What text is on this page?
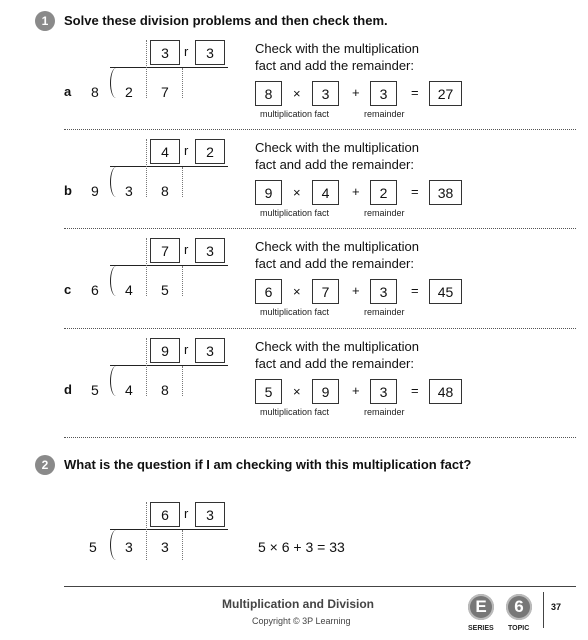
1	Solve these division problems and then check them.
3	r	3
a 8 2 7
Check with the multiplication
fact and add the remainder:
8	×	3	+	3	=	27
multiplication fact	remainder
4	r	2
b 9 3 8
Check with the multiplication
fact and add the remainder:
9	×	4	+	2	=	38
multiplication fact	remainder
7	r	3
c 6 4 5
Check with the multiplication
fact and add the remainder:
6	×	7	+	3	=	45
multiplication fact	remainder
9	r	3
d 5 4 8
Check with the multiplication
fact and add the remainder:
5	×	9	+	3	=	48
multiplication fact	remainder
2	What is the question if I am checking with this multiplication fact?
6	r	3
5 3 3	5 × 6 + 3 = 33
Multiplication and Division
Copyright © 3P Learning
E
SERIES
6
TOPIC
37
